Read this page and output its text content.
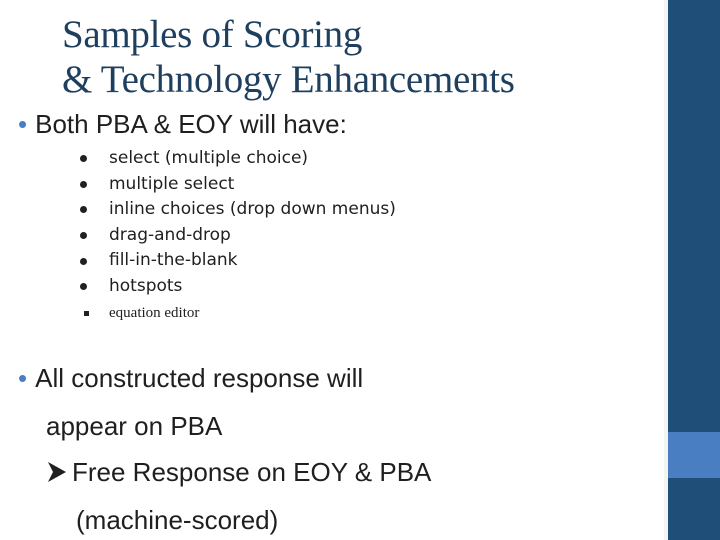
Samples of Scoring
& Technology Enhancements
• Both PBA & EOY will have:
select (multiple choice)
multiple select
inline choices (drop down menus)
drag-and-drop
fill-in-the-blank
hotspots
equation editor
• All constructed response will
appear on PBA
Free Response on EOY & PBA
(machine-scored)
